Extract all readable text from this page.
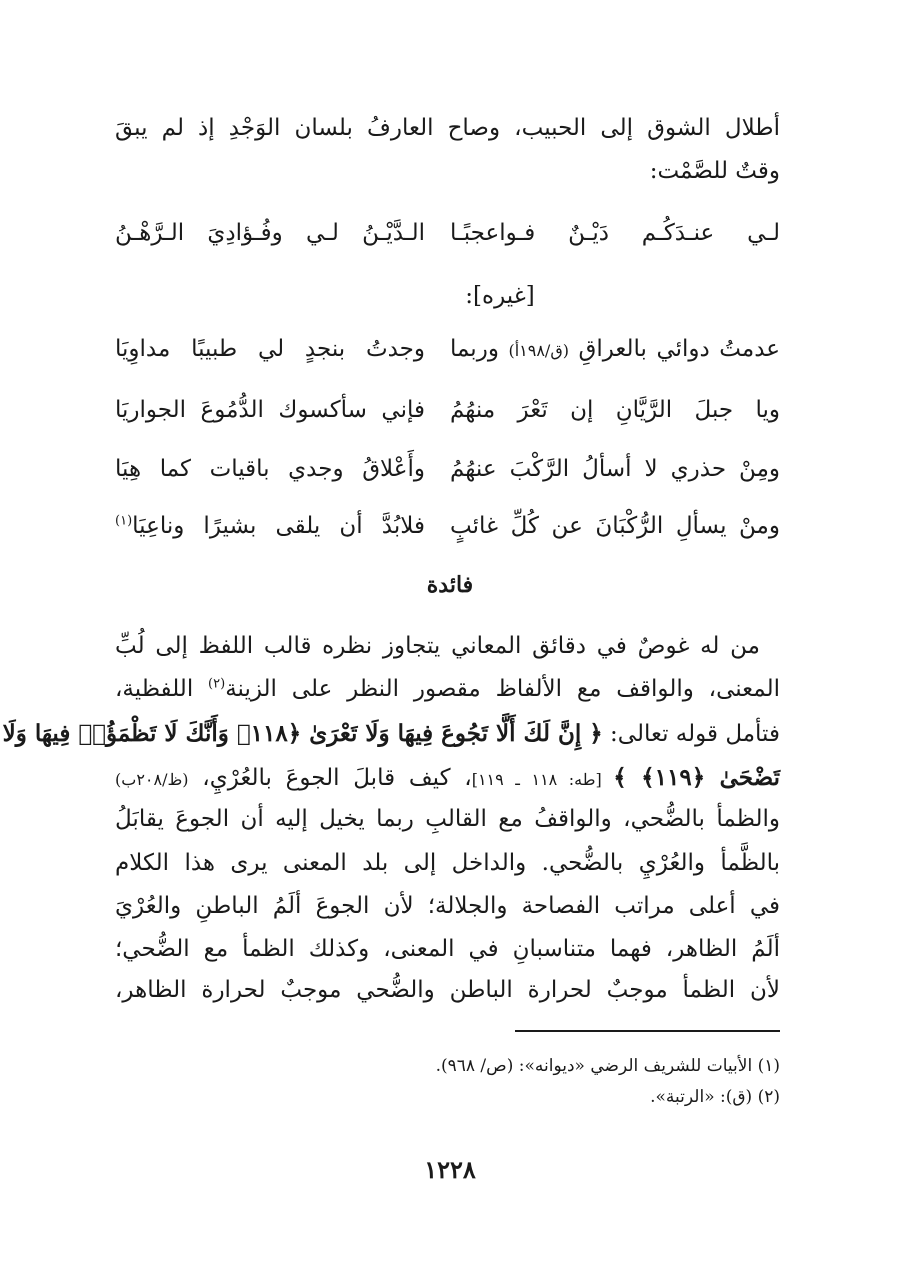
أطلال الشوق إلى الحبيب، وصاح العارفُ بلسان الوَجْدِ إذ لم يبقَ
وقتٌ للصَّمْت:
لـي عنـدَكُـم دَيْـنٌ فـواعجبًـا
الـدَّيْـنُ لـي وفُـؤادِيَ الـرَّهْـنُ
[غيره]:
عدمتُ دوائي بالعراقِ (ق/١٩٨أ) وربما
وجدتُ بنجدٍ لي طبيبًا مداوِيَا
ويا جبلَ الرَّيَّانِ إن تَعْرَ منهُمُ
فإني سأكسوك الدُّمُوعَ الجواريَا
ومِنْ حذري لا أسألُ الرَّكْبَ عنهُمُ
وأَعْلاقُ وجدي باقيات كما هِيَا
ومنْ يسألِ الرُّكْبَانَ عن كُلِّ غائبٍ
فلابُدَّ أن يلقى بشيرًا وناعِيَا$^{(١)}$
فائدة
من له غوصٌ في دقائق المعاني يتجاوز نظره قالب اللفظ إلى لُبِّ
المعنى، والواقف مع الألفاظ مقصور النظر على الزينة$^{(٢)}$ اللفظية،
فتأمل قوله تعالى: ﴿ إِنَّ لَكَ أَلَّا تَجُوعَ فِيهَا وَلَا تَعْرَىٰ ﴿١١٨﴾ وَأَنَّكَ لَا تَظْمَؤُا۟ فِيهَا وَلَا
تَضْحَىٰ ﴿١١٩﴾ ﴾ [طه: ١١٨ ـ ١١٩]، كيف قابلَ الجوعَ بالعُرْيِ، (ظ/٢٠٨ب)
والظمأ بالضُّحي، والواقفُ مع القالبِ ربما يخيل إليه أن الجوعَ يقابَلُ
بالظَّمأ والعُرْيِ بالضُّحي. والداخل إلى بلد المعنى يرى هذا الكلام
في أعلى مراتب الفصاحة والجلالة؛ لأن الجوعَ ألَمُ الباطنِ والعُرْيَ
ألَمُ الظاهر، فهما متناسبانِ في المعنى، وكذلك الظمأ مع الضُّحي؛
لأن الظمأ موجبٌ لحرارة الباطن والضُّحي موجبٌ لحرارة الظاهر،
(١) الأبيات للشريف الرضي «ديوانه»: (ص/ ٩٦٨).
(٢) (ق): «الرتبة».
١٢٢٨
